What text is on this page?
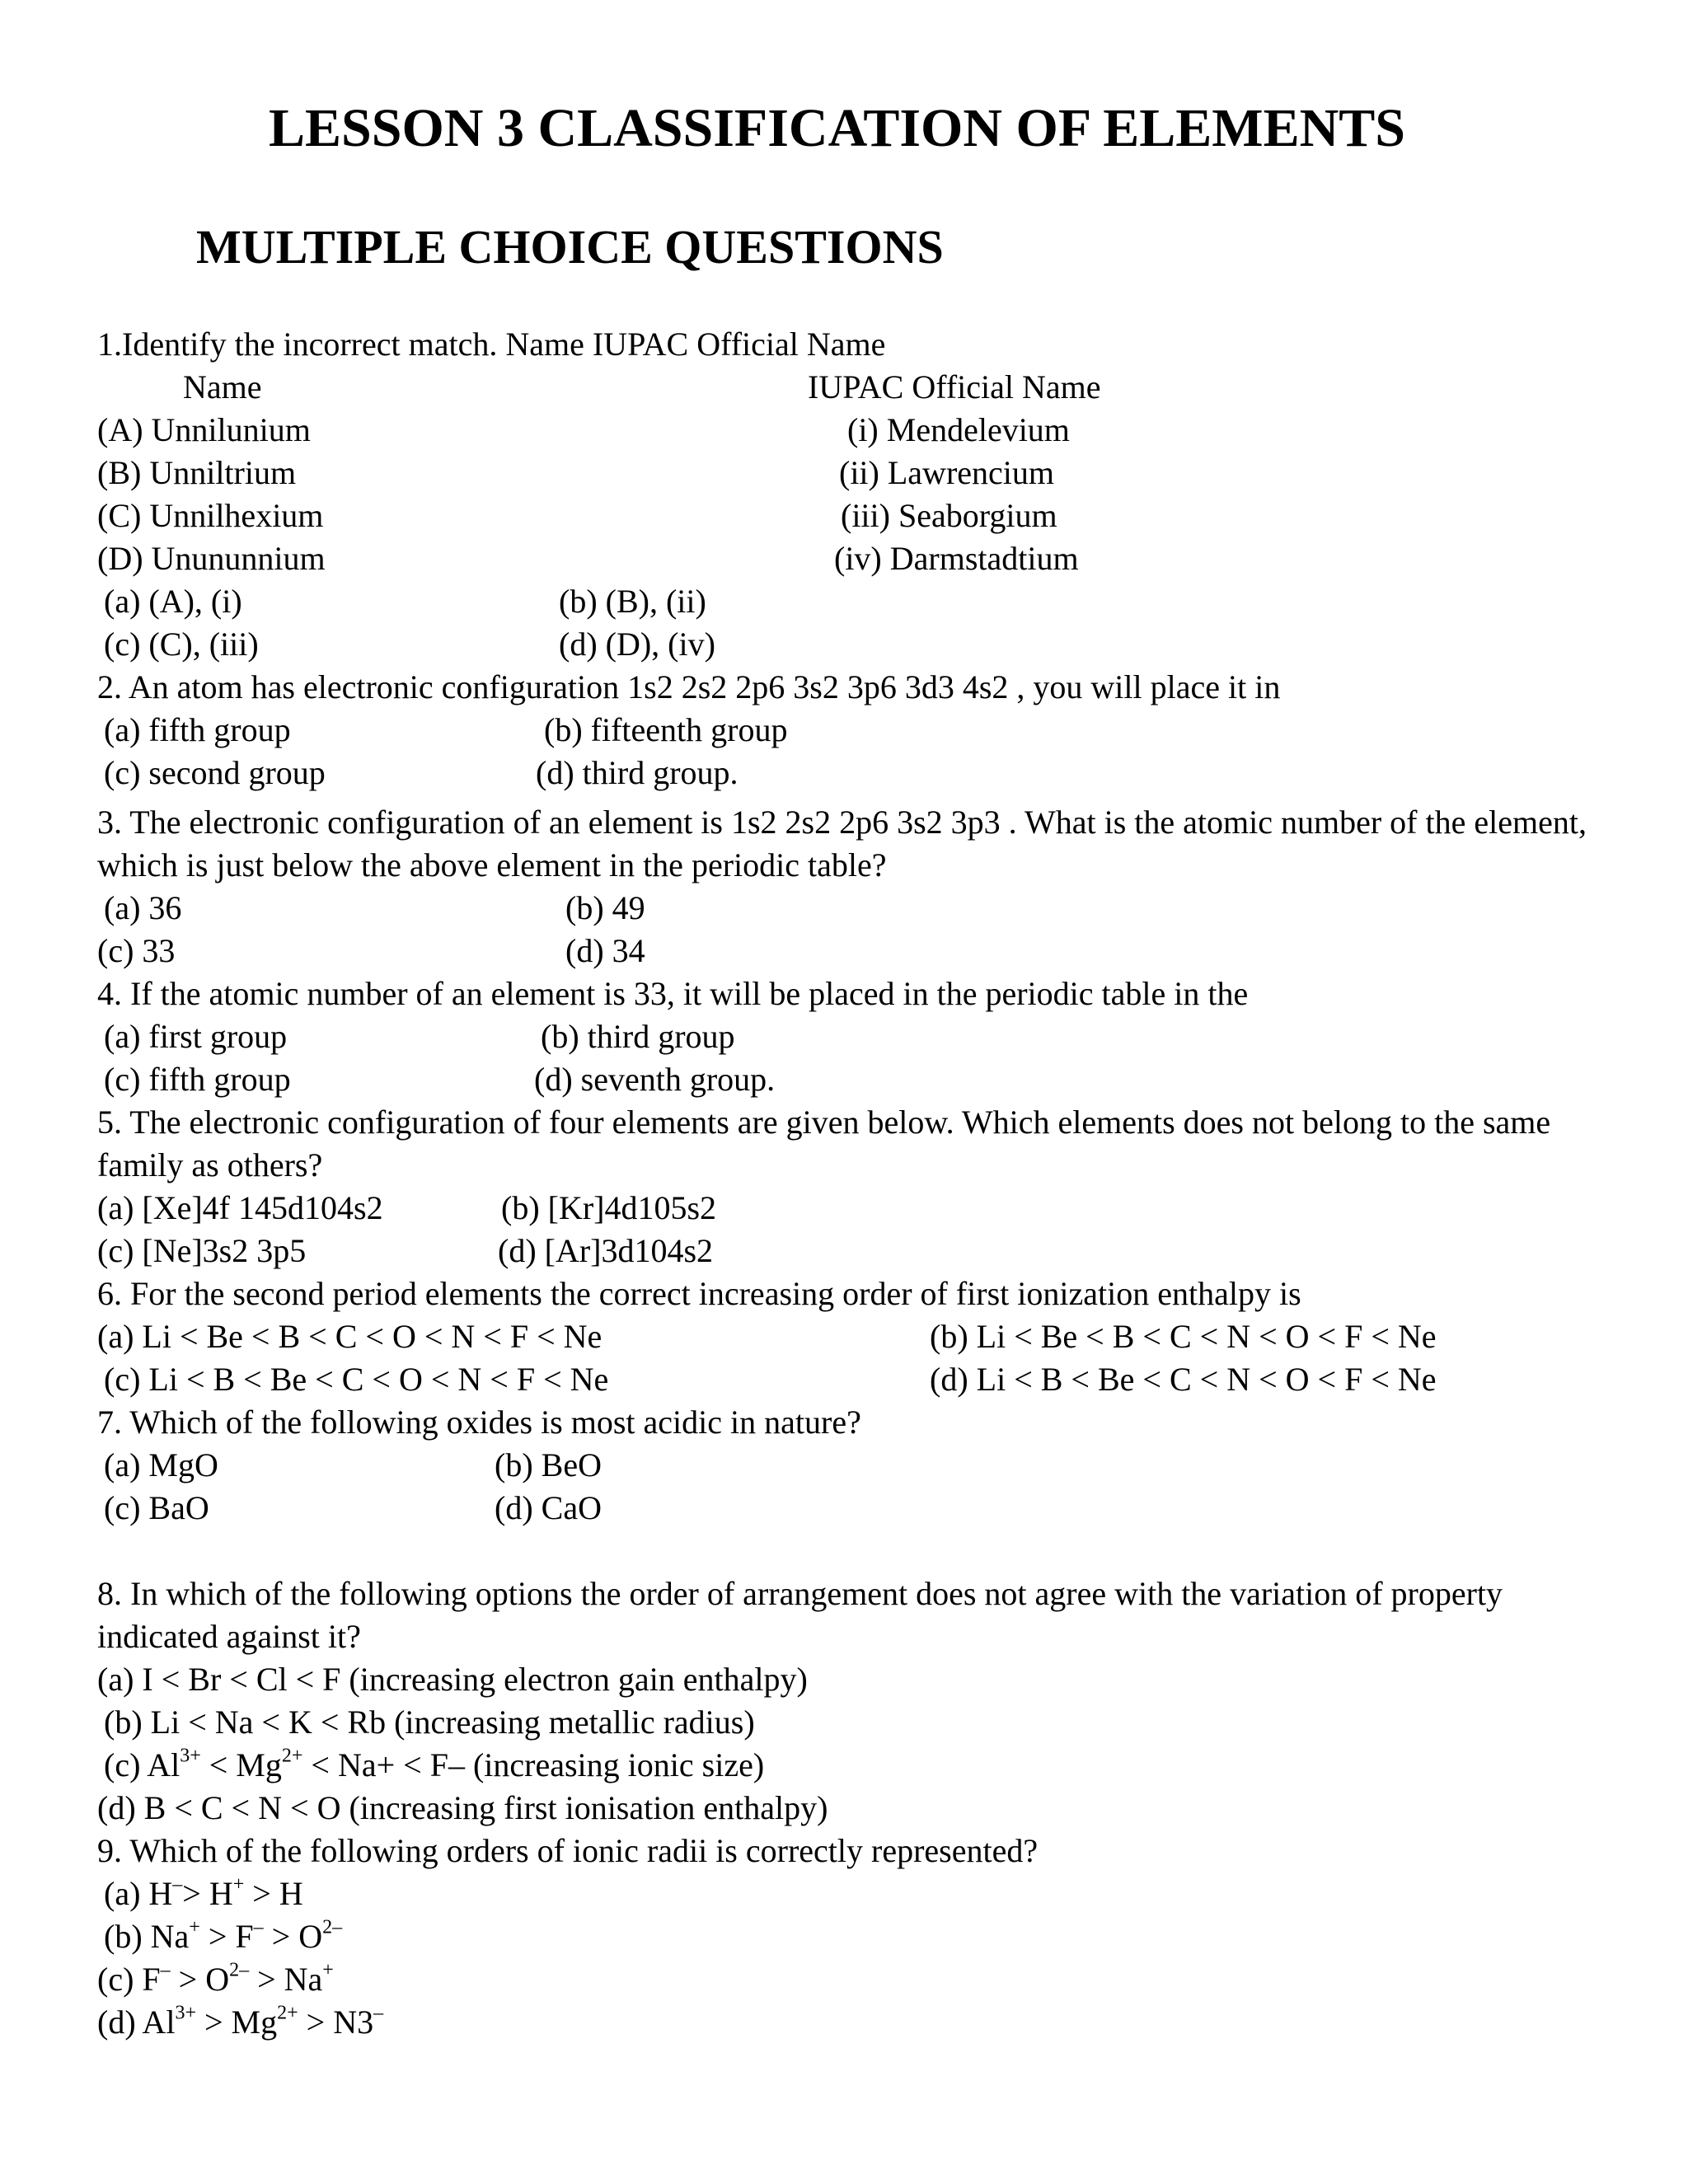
LESSON 3 CLASSIFICATION OF ELEMENTS
MULTIPLE CHOICE QUESTIONS
1.Identify the incorrect match. Name IUPAC Official Name
Name	IUPAC Official Name
(A) Unnilunium	(i) Mendelevium
(B) Unniltrium	(ii) Lawrencium
(C) Unnilhexium	(iii) Seaborgium
(D) Unununnium	(iv) Darmstadtium
(a) (A), (i)	(b) (B), (ii)
(c) (C), (iii)	(d) (D), (iv)
2. An atom has electronic configuration 1s2 2s2 2p6 3s2 3p6 3d3 4s2 , you will place it in
(a) fifth group	(b) fifteenth group
(c) second group	(d) third group.
3. The electronic configuration of an element is 1s2 2s2 2p6 3s2 3p3 . What is the atomic number of the element,
which is just below the above element in the periodic table?
(a) 36	(b) 49
(c) 33	(d) 34
4. If the atomic number of an element is 33, it will be placed in the periodic table in the
(a) first group	(b) third group
(c) fifth group	(d) seventh group.
5. The electronic configuration of four elements are given below. Which elements does not belong to the same
family as others?
(a) [Xe]4f 145d104s2	(b) [Kr]4d105s2
(c) [Ne]3s2 3p5	(d) [Ar]3d104s2
6. For the second period elements the correct increasing order of first ionization enthalpy is
(a) Li < Be < B < C < O < N < F < Ne	(b) Li < Be < B < C < N < O < F < Ne
(c) Li < B < Be < C < O < N < F < Ne	(d) Li < B < Be < C < N < O < F < Ne
7. Which of the following oxides is most acidic in nature?
(a) MgO	(b) BeO
(c) BaO	(d) CaO
8. In which of the following options the order of arrangement does not agree with the variation of property
indicated against it?
(a) I < Br < Cl < F (increasing electron gain enthalpy)
(b) Li < Na < K < Rb (increasing metallic radius)
(c) $Al^{3+} < Mg^{2+} < Na+ < F-$ (increasing ionic size)
(d) B < C < N < O (increasing first ionisation enthalpy)
9. Which of the following orders of ionic radii is correctly represented?
(a) H–> H+ > H
(b) $Na^+ > F^- > O^{2-}$
(c) $F^- > O^{2-} > Na^+$
(d) $Al^{3+} > Mg^{2+} > N3^-$
